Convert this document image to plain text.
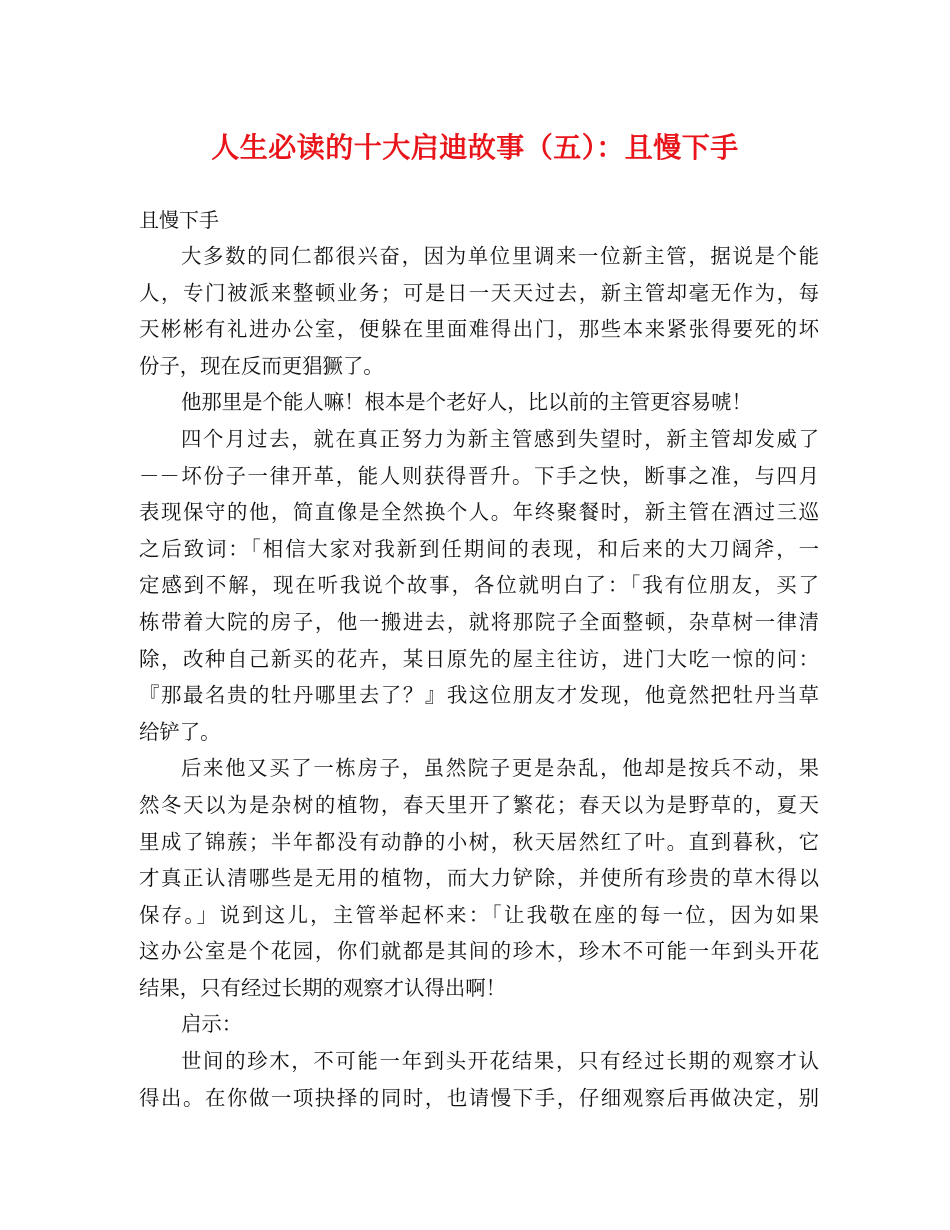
人生必读的十大启迪故事（五）：且慢下手
且慢下手
大多数的同仁都很兴奋，因为单位里调来一位新主管，据说是个能
人，专门被派来整顿业务；可是日一天天过去，新主管却毫无作为，每
天彬彬有礼进办公室，便躲在里面难得出门，那些本来紧张得要死的坏
份子，现在反而更猖獗了。
他那里是个能人嘛！根本是个老好人，比以前的主管更容易唬！
四个月过去，就在真正努力为新主管感到失望时，新主管却发威了
－－坏份子一律开革，能人则获得晋升。下手之快，断事之准，与四月
表现保守的他，简直像是全然换个人。年终聚餐时，新主管在酒过三巡
之后致词：「相信大家对我新到任期间的表现，和后来的大刀阔斧，一
定感到不解，现在听我说个故事，各位就明白了：「我有位朋友，买了
栋带着大院的房子，他一搬进去，就将那院子全面整顿，杂草树一律清
除，改种自己新买的花卉，某日原先的屋主往访，进门大吃一惊的问：
『那最名贵的牡丹哪里去了？』我这位朋友才发现，他竟然把牡丹当草
给铲了。
后来他又买了一栋房子，虽然院子更是杂乱，他却是按兵不动，果
然冬天以为是杂树的植物，春天里开了繁花；春天以为是野草的，夏天
里成了锦蔟；半年都没有动静的小树，秋天居然红了叶。直到暮秋，它
才真正认清哪些是无用的植物，而大力铲除，并使所有珍贵的草木得以
保存。」说到这儿，主管举起杯来：「让我敬在座的每一位，因为如果
这办公室是个花园，你们就都是其间的珍木，珍木不可能一年到头开花
结果，只有经过长期的观察才认得出啊！
启示：
世间的珍木，不可能一年到头开花结果，只有经过长期的观察才认
得出。在你做一项抉择的同时，也请慢下手，仔细观察后再做决定，别
